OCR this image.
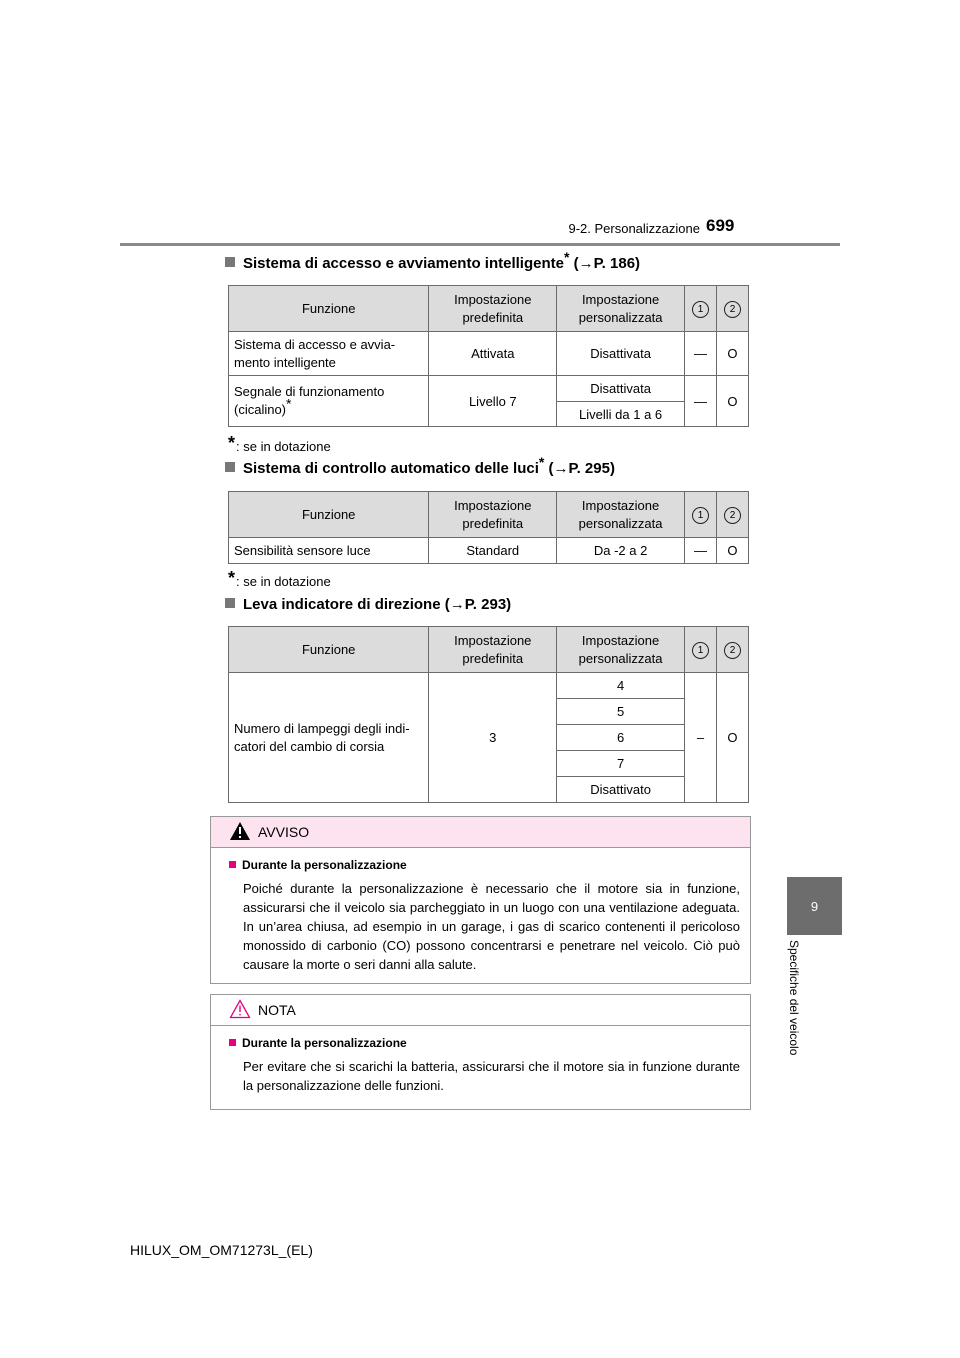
9-2. Personalizzazione 699
9
Specifiche del veicolo
Sistema di accesso e avviamento intelligente* (→P. 186)
Funzione	Impostazione predefinita	Impostazione personalizzata	1	2
Sistema di accesso e avvia- mento intelligente	Attivata	Disattivata	—	O
Segnale di funzionamento (cicalino)*	Livello 7	Disattivata	—	O
		Livelli da 1 a 6		
*: se in dotazione
Sistema di controllo automatico delle luci* (→P. 295)
Funzione	Impostazione predefinita	Impostazione personalizzata	1	2
Sensibilità sensore luce	Standard	Da -2 a 2	—	O
*: se in dotazione
Leva indicatore di direzione (→P. 293)
Funzione	Impostazione predefinita	Impostazione personalizzata	1	2
Numero di lampeggi degli indi- catori del cambio di corsia	3	4	–	O
		5		
		6		
		7		
		Disattivato		
AVVISO
Durante la personalizzazione
Poiché durante la personalizzazione è necessario che il motore sia in funzione, assicurarsi che il veicolo sia parcheggiato in un luogo con una ventilazione adeguata. In un’area chiusa, ad esempio in un garage, i gas di scarico contenenti il pericoloso monossido di carbonio (CO) possono concentrarsi e penetrare nel veicolo. Ciò può causare la morte o seri danni alla salute.
NOTA
Durante la personalizzazione
Per evitare che si scarichi la batteria, assicurarsi che il motore sia in funzione durante la personalizzazione delle funzioni.
HILUX_OM_OM71273L_(EL)
